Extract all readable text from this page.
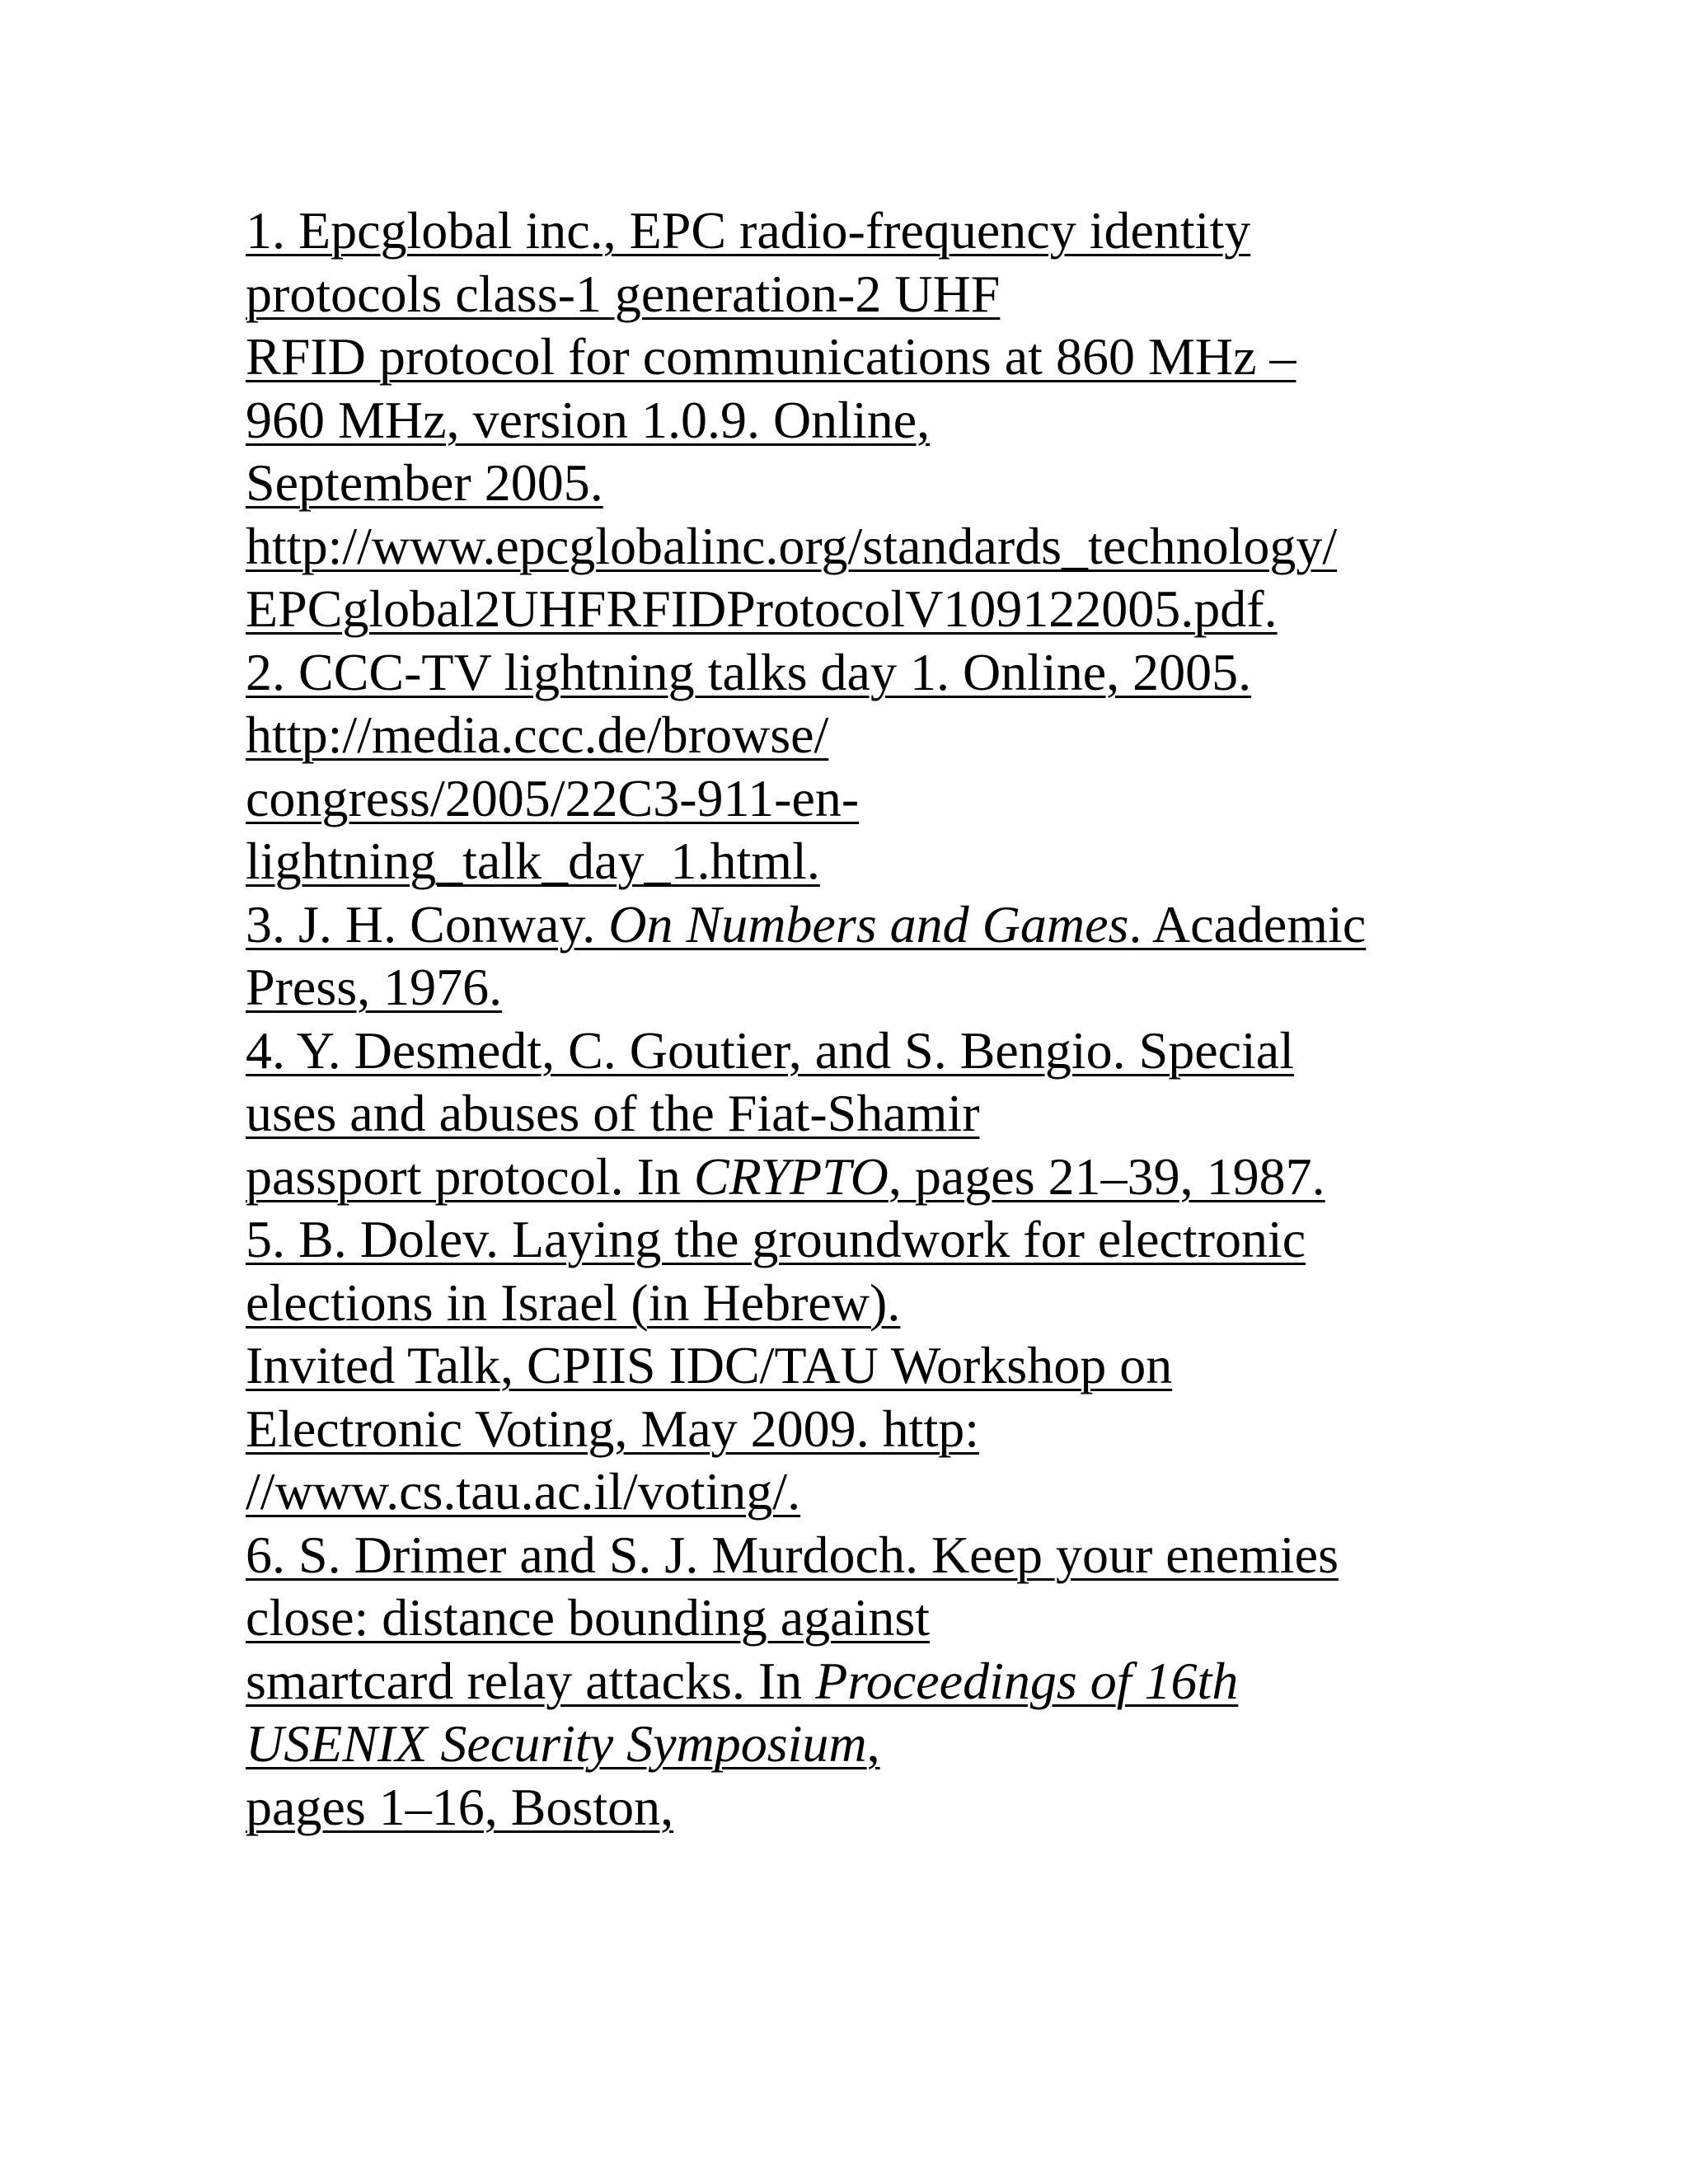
1. Epcglobal inc., EPC radio-frequency identity
protocols class-1 generation-2 UHF
RFID protocol for communications at 860 MHz –
960 MHz, version 1.0.9. Online,
September 2005.
http://www.epcglobalinc.org/standards_technology/
EPCglobal2UHFRFIDProtocolV109122005.pdf.
2. CCC-TV lightning talks day 1. Online, 2005.
http://media.ccc.de/browse/
congress/2005/22C3-911-en-
lightning_talk_day_1.html.
3. J. H. Conway. On Numbers and Games. Academic
Press, 1976.
4. Y. Desmedt, C. Goutier, and S. Bengio. Special
uses and abuses of the Fiat-Shamir
passport protocol. In CRYPTO, pages 21–39, 1987.
5. B. Dolev. Laying the groundwork for electronic
elections in Israel (in Hebrew).
Invited Talk, CPIIS IDC/TAU Workshop on
Electronic Voting, May 2009. http:
//www.cs.tau.ac.il/voting/.
6. S. Drimer and S. J. Murdoch. Keep your enemies
close: distance bounding against
smartcard relay attacks. In Proceedings of 16th
USENIX Security Symposium,
pages 1–16, Boston,
